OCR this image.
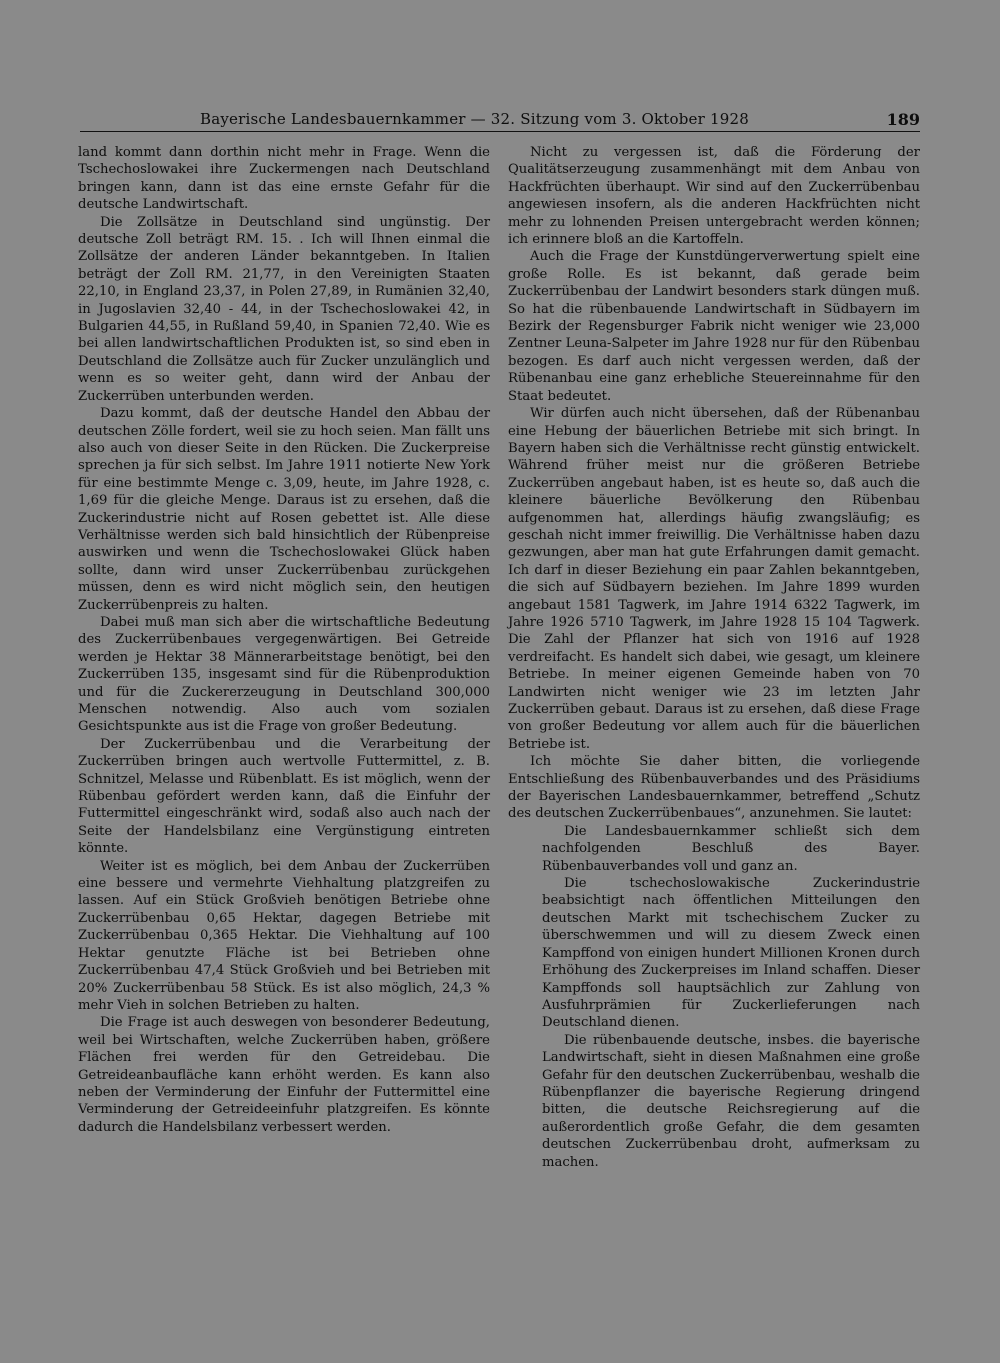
Bayerische Landesbauernkammer — 32. Sitzung vom 3. Oktober 1928	189

land kommt dann dorthin nicht mehr in Frage. Wenn die Tschechoslowakei ihre Zuckermengen nach Deutschland bringen kann, dann ist das eine ernste Gefahr für die deutsche Landwirtschaft.

Die Zollsätze in Deutschland sind ungünstig. Der deutsche Zoll beträgt RM. 15. . Ich will Ihnen einmal die Zollsätze der anderen Länder bekanntgeben. In Italien beträgt der Zoll RM. 21,77, in den Vereinigten Staaten 22,10, in England 23,37, in Polen 27,89, in Rumänien 32,40, in Jugoslavien 32,40 - 44, in der Tschechoslowakei 42, in Bulgarien 44,55, in Rußland 59,40, in Spanien 72,40. Wie es bei allen landwirtschaftlichen Produkten ist, so sind eben in Deutschland die Zollsätze auch für Zucker unzulänglich und wenn es so weiter geht, dann wird der Anbau der Zuckerrüben unterbunden werden.

Dazu kommt, daß der deutsche Handel den Abbau der deutschen Zölle fordert, weil sie zu hoch seien. Man fällt uns also auch von dieser Seite in den Rücken. Die Zuckerpreise sprechen ja für sich selbst. Im Jahre 1911 notierte New York für eine bestimmte Menge c. 3,09, heute, im Jahre 1928, c. 1,69 für die gleiche Menge. Daraus ist zu ersehen, daß die Zuckerindustrie nicht auf Rosen gebettet ist. Alle diese Verhältnisse werden sich bald hinsichtlich der Rübenpreise auswirken und wenn die Tschechoslowakei Glück haben sollte, dann wird unser Zuckerrübenbau zurückgehen müssen, denn es wird nicht möglich sein, den heutigen Zuckerrübenpreis zu halten.

Dabei muß man sich aber die wirtschaftliche Bedeutung des Zuckerrübenbaues vergegenwärtigen. Bei Getreide werden je Hektar 38 Männerarbeitstage benötigt, bei den Zuckerrüben 135, insgesamt sind für die Rübenproduktion und für die Zuckererzeugung in Deutschland 300,000 Menschen notwendig. Also auch vom sozialen Gesichtspunkte aus ist die Frage von großer Bedeutung.

Der Zuckerrübenbau und die Verarbeitung der Zuckerrüben bringen auch wertvolle Futtermittel, z. B. Schnitzel, Melasse und Rübenblatt. Es ist möglich, wenn der Rübenbau gefördert werden kann, daß die Einfuhr der Futtermittel eingeschränkt wird, sodaß also auch nach der Seite der Handelsbilanz eine Vergünstigung eintreten könnte.

Weiter ist es möglich, bei dem Anbau der Zuckerrüben eine bessere und vermehrte Viehhaltung platzgreifen zu lassen. Auf ein Stück Großvieh benötigen Betriebe ohne Zuckerrübenbau 0,65 Hektar, dagegen Betriebe mit Zuckerrübenbau 0,365 Hektar. Die Viehhaltung auf 100 Hektar genutzte Fläche ist bei Betrieben ohne Zuckerrübenbau 47,4 Stück Großvieh und bei Betrieben mit 20% Zuckerrübenbau 58 Stück. Es ist also möglich, 24,3 % mehr Vieh in solchen Betrieben zu halten.

Die Frage ist auch deswegen von besonderer Bedeutung, weil bei Wirtschaften, welche Zuckerrüben haben, größere Flächen frei werden für den Getreidebau. Die Getreideanbaufläche kann erhöht werden. Es kann also neben der Verminderung der Einfuhr der Futtermittel eine Verminderung der Getreideeinfuhr platzgreifen. Es könnte dadurch die Handelsbilanz verbessert werden.

Nicht zu vergessen ist, daß die Förderung der Qualitätserzeugung zusammenhängt mit dem Anbau von Hackfrüchten überhaupt. Wir sind auf den Zuckerrübenbau angewiesen insofern, als die anderen Hackfrüchten nicht mehr zu lohnenden Preisen untergebracht werden können; ich erinnere bloß an die Kartoffeln.

Auch die Frage der Kunstdüngerverwertung spielt eine große Rolle. Es ist bekannt, daß gerade beim Zuckerrübenbau der Landwirt besonders stark düngen muß. So hat die rübenbauende Landwirtschaft in Südbayern im Bezirk der Regensburger Fabrik nicht weniger wie 23,000 Zentner Leuna-Salpeter im Jahre 1928 nur für den Rübenbau bezogen. Es darf auch nicht vergessen werden, daß der Rübenanbau eine ganz erhebliche Steuereinnahme für den Staat bedeutet.

Wir dürfen auch nicht übersehen, daß der Rübenanbau eine Hebung der bäuerlichen Betriebe mit sich bringt. In Bayern haben sich die Verhältnisse recht günstig entwickelt. Während früher meist nur die größeren Betriebe Zuckerrüben angebaut haben, ist es heute so, daß auch die kleinere bäuerliche Bevölkerung den Rübenbau aufgenommen hat, allerdings häufig zwangsläufig; es geschah nicht immer freiwillig. Die Verhältnisse haben dazu gezwungen, aber man hat gute Erfahrungen damit gemacht. Ich darf in dieser Beziehung ein paar Zahlen bekanntgeben, die sich auf Südbayern beziehen. Im Jahre 1899 wurden angebaut 1581 Tagwerk, im Jahre 1914 6322 Tagwerk, im Jahre 1926 5710 Tagwerk, im Jahre 1928 15 104 Tagwerk. Die Zahl der Pflanzer hat sich von 1916 auf 1928 verdreifacht. Es handelt sich dabei, wie gesagt, um kleinere Betriebe. In meiner eigenen Gemeinde haben von 70 Landwirten nicht weniger wie 23 im letzten Jahr Zuckerrüben gebaut. Daraus ist zu ersehen, daß diese Frage von großer Bedeutung vor allem auch für die bäuerlichen Betriebe ist.

Ich möchte Sie daher bitten, die vorliegende Entschließung des Rübenbauverbandes und des Präsidiums der Bayerischen Landesbauernkammer, betreffend „Schutz des deutschen Zuckerrübenbaues“, anzunehmen. Sie lautet:

Die Landesbauernkammer schließt sich dem nachfolgenden Beschluß des Bayer. Rübenbauverbandes voll und ganz an.

Die tschechoslowakische Zuckerindustrie beabsichtigt nach öffentlichen Mitteilungen den deutschen Markt mit tschechischem Zucker zu überschwemmen und will zu diesem Zweck einen Kampffond von einigen hundert Millionen Kronen durch Erhöhung des Zuckerpreises im Inland schaffen. Dieser Kampffonds soll hauptsächlich zur Zahlung von Ausfuhrprämien für Zuckerlieferungen nach Deutschland dienen.

Die rübenbauende deutsche, insbes. die bayerische Landwirtschaft, sieht in diesen Maßnahmen eine große Gefahr für den deutschen Zuckerrübenbau, weshalb die Rübenpflanzer die bayerische Regierung dringend bitten, die deutsche Reichsregierung auf die außerordentlich große Gefahr, die dem gesamten deutschen Zuckerrübenbau droht, aufmerksam zu machen.
